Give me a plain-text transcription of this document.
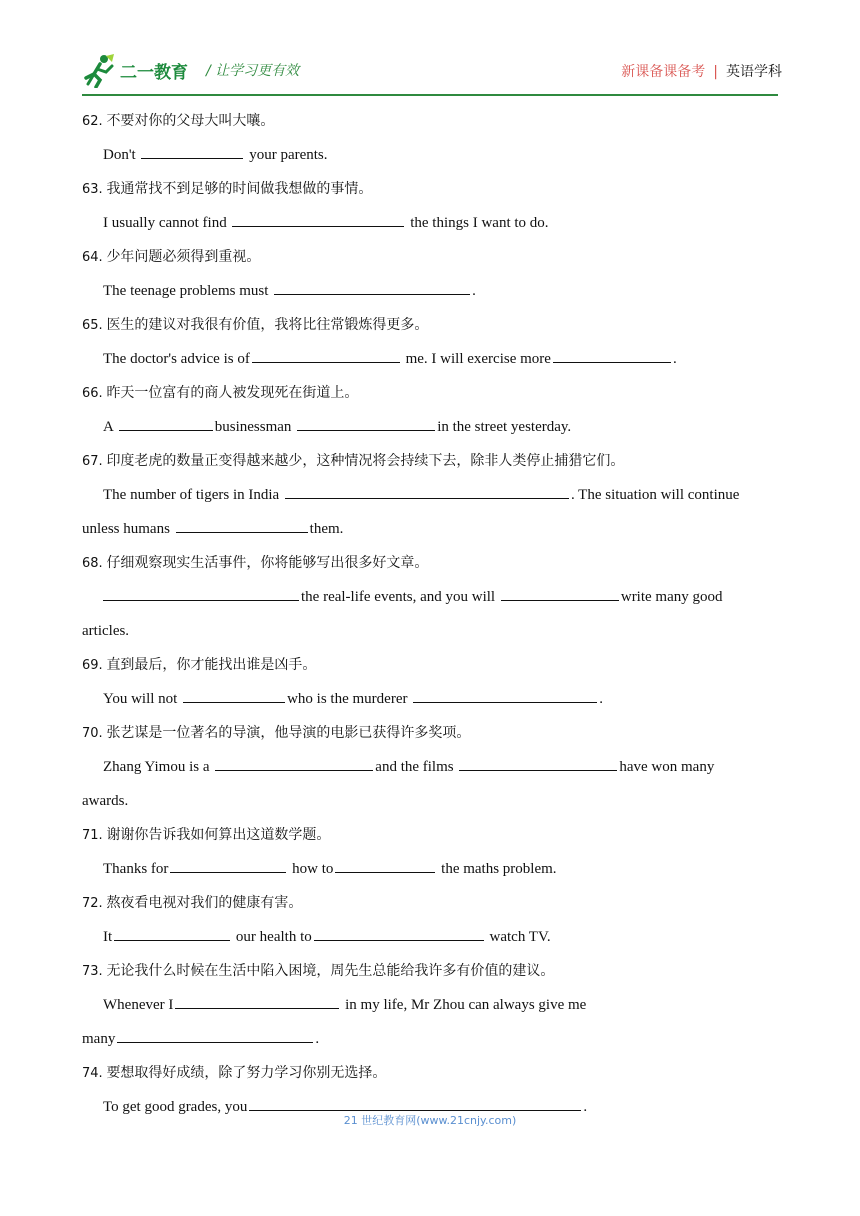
二一教育 / 让学习更有效	新课备课备考 | 英语学科
62. 不要对你的父母大叫大嚷。
Don't	your parents.
63. 我通常找不到足够的时间做我想做的事情。
I usually cannot find	the things I want to do.
64. 少年问题必须得到重视。
The teenage problems must	.
65. 医生的建议对我很有价值，我将比往常锻炼得更多。
The doctor's advice is of	me. I will exercise more	.
66. 昨天一位富有的商人被发现死在街道上。
A	businessman	in the street yesterday.
67. 印度老虎的数量正变得越来越少，这种情况将会持续下去，除非人类停止捕猎它们。
The number of tigers in India	. The situation will continue
unless humans	them.
68. 仔细观察现实生活事件，你将能够写出很多好文章。
the real-life events, and you will	write many good
articles.
69. 直到最后，你才能找出谁是凶手。
You will not	who is the murderer	.
70. 张艺谋是一位著名的导演，他导演的电影已获得许多奖项。
Zhang Yimou is a	and the films	have won many
awards.
71. 谢谢你告诉我如何算出这道数学题。
Thanks for	how to	the maths problem.
72. 熬夜看电视对我们的健康有害。
It	our health to	watch TV.
73. 无论我什么时候在生活中陷入困境，周先生总能给我许多有价值的建议。
Whenever I	in my life, Mr Zhou can always give me
many	.
74. 要想取得好成绩，除了努力学习你别无选择。
To get good grades, you	.
21 世纪教育网(www.21cnjy.com)
